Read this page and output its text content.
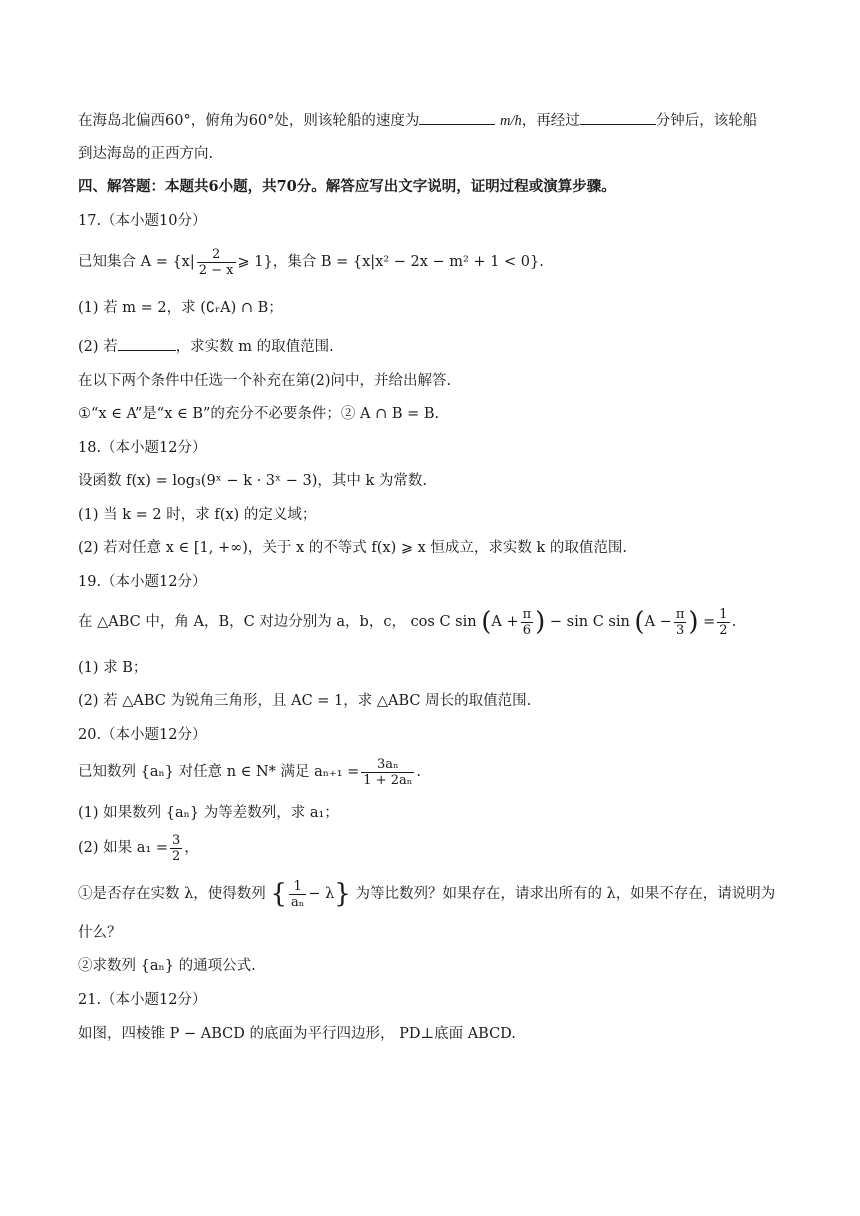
在海岛北偏西60°，俯角为60°处，则该轮船的速度为	m/h，再经过	分钟后，该轮船
到达海岛的正西方向.
四、解答题：本题共6小题，共70分。解答应写出文字说明，证明过程或演算步骤。
17.（本小题10分）
已知集合 $A = \{x| \frac{2}{2 - x}$ ⩾ 1}，集合 B = {x|x² − 2x − m² + 1 < 0}.
(1) 若 m = 2，求 (∁ᵣA) ∩ B；
(2) 若	，求实数 m 的取值范围.
在以下两个条件中任选一个补充在第(2)问中，并给出解答.
①“x ∈ A”是“x ∈ B”的充分不必要条件；② A ∩ B = B.
18.（本小题12分）
设函数 f(x) = log₃(9ˣ − k · 3ˣ − 3)，其中 k 为常数.
(1) 当 k = 2 时，求 f(x) 的定义域；
(2) 若对任意 x ∈ [1, +∞)，关于 x 的不等式 f(x) ⩾ x 恒成立，求实数 k 的取值范围.
19.（本小题12分）
在 △ABC 中，角 A，B，C 对边分别为 a，b，c， cos C $\sin (A + \frac{\pi}{6}$ ) − sin C $\sin (A - \frac{\pi}{3}$ ) = $\frac{1}{2}$ .
(1) 求 B；
(2) 若 △ABC 为锐角三角形，且 AC = 1，求 △ABC 周长的取值范围.
20.（本小题12分）
已知数列 {aₙ} 对任意 n ∈ N* 满足 $a_{n+1} = \frac{\text{3aₙ}}{\text{1 + 2aₙ}}$ .
(1) 如果数列 {aₙ} 为等差数列，求 a₁；
(2) 如果 $a_1 = \frac{3}{2}$ ，
①是否存在实数 λ，使得数列 { $\frac{1}{\text{aₙ}} - \lambda$} 为等比数列？如果存在，请求出所有的 λ，如果不存在，请说明为
什么？
②求数列 {aₙ} 的通项公式.
21.（本小题12分）
如图，四棱锥 P − ABCD 的底面为平行四边形， PD⊥底面 ABCD.
